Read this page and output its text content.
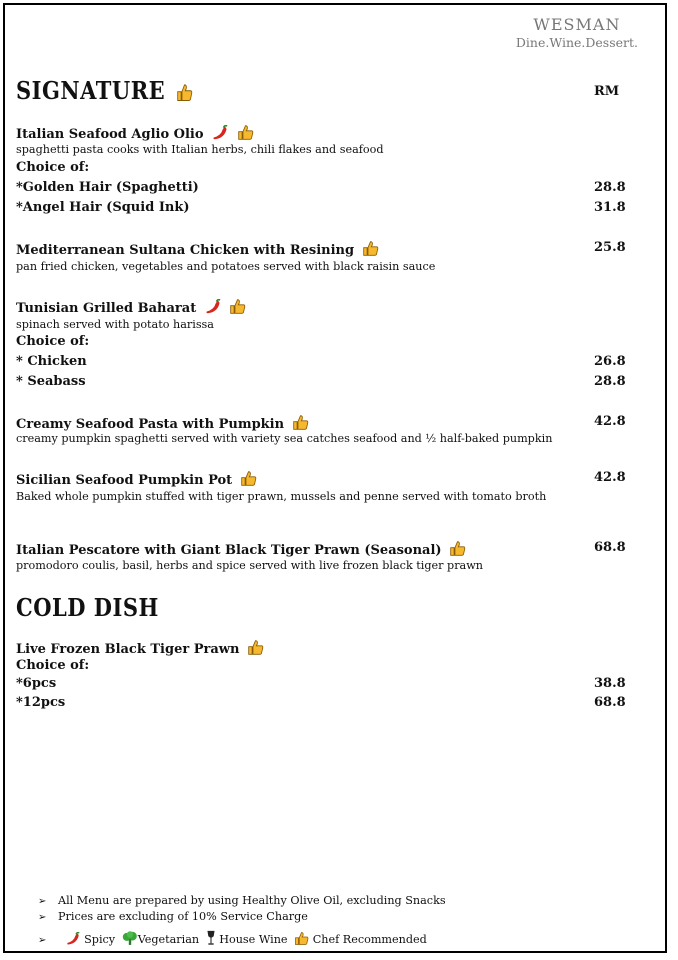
WESMAN
Dine.Wine.Dessert.
SIGNATURE	RM
Italian Seafood Aglio Olio
spaghetti pasta cooks with Italian herbs, chili flakes and seafood
Choice of:
*Golden Hair (Spaghetti)	28.8
*Angel Hair (Squid Ink)	31.8
Mediterranean Sultana Chicken with Resining	25.8
pan fried chicken, vegetables and potatoes served with black raisin sauce
Tunisian Grilled Baharat
spinach served with potato harissa
Choice of:
* Chicken	26.8
* Seabass	28.8
Creamy Seafood Pasta with Pumpkin	42.8
creamy pumpkin spaghetti served with variety sea catches seafood and ½ half-baked pumpkin
Sicilian Seafood Pumpkin Pot	42.8
Baked whole pumpkin stuffed with tiger prawn, mussels and penne served with tomato broth
Italian Pescatore with Giant Black Tiger Prawn (Seasonal)	68.8
promodoro coulis, basil, herbs and spice served with live frozen black tiger prawn
COLD DISH
Live Frozen Black Tiger Prawn
Choice of:
*6pcs	38.8
*12pcs	68.8
➢ All Menu are prepared by using Healthy Olive Oil, excluding Snacks
➢ Prices are excluding of 10% Service Charge
➢	Spicy Vegetarian House Wine Chef Recommended
